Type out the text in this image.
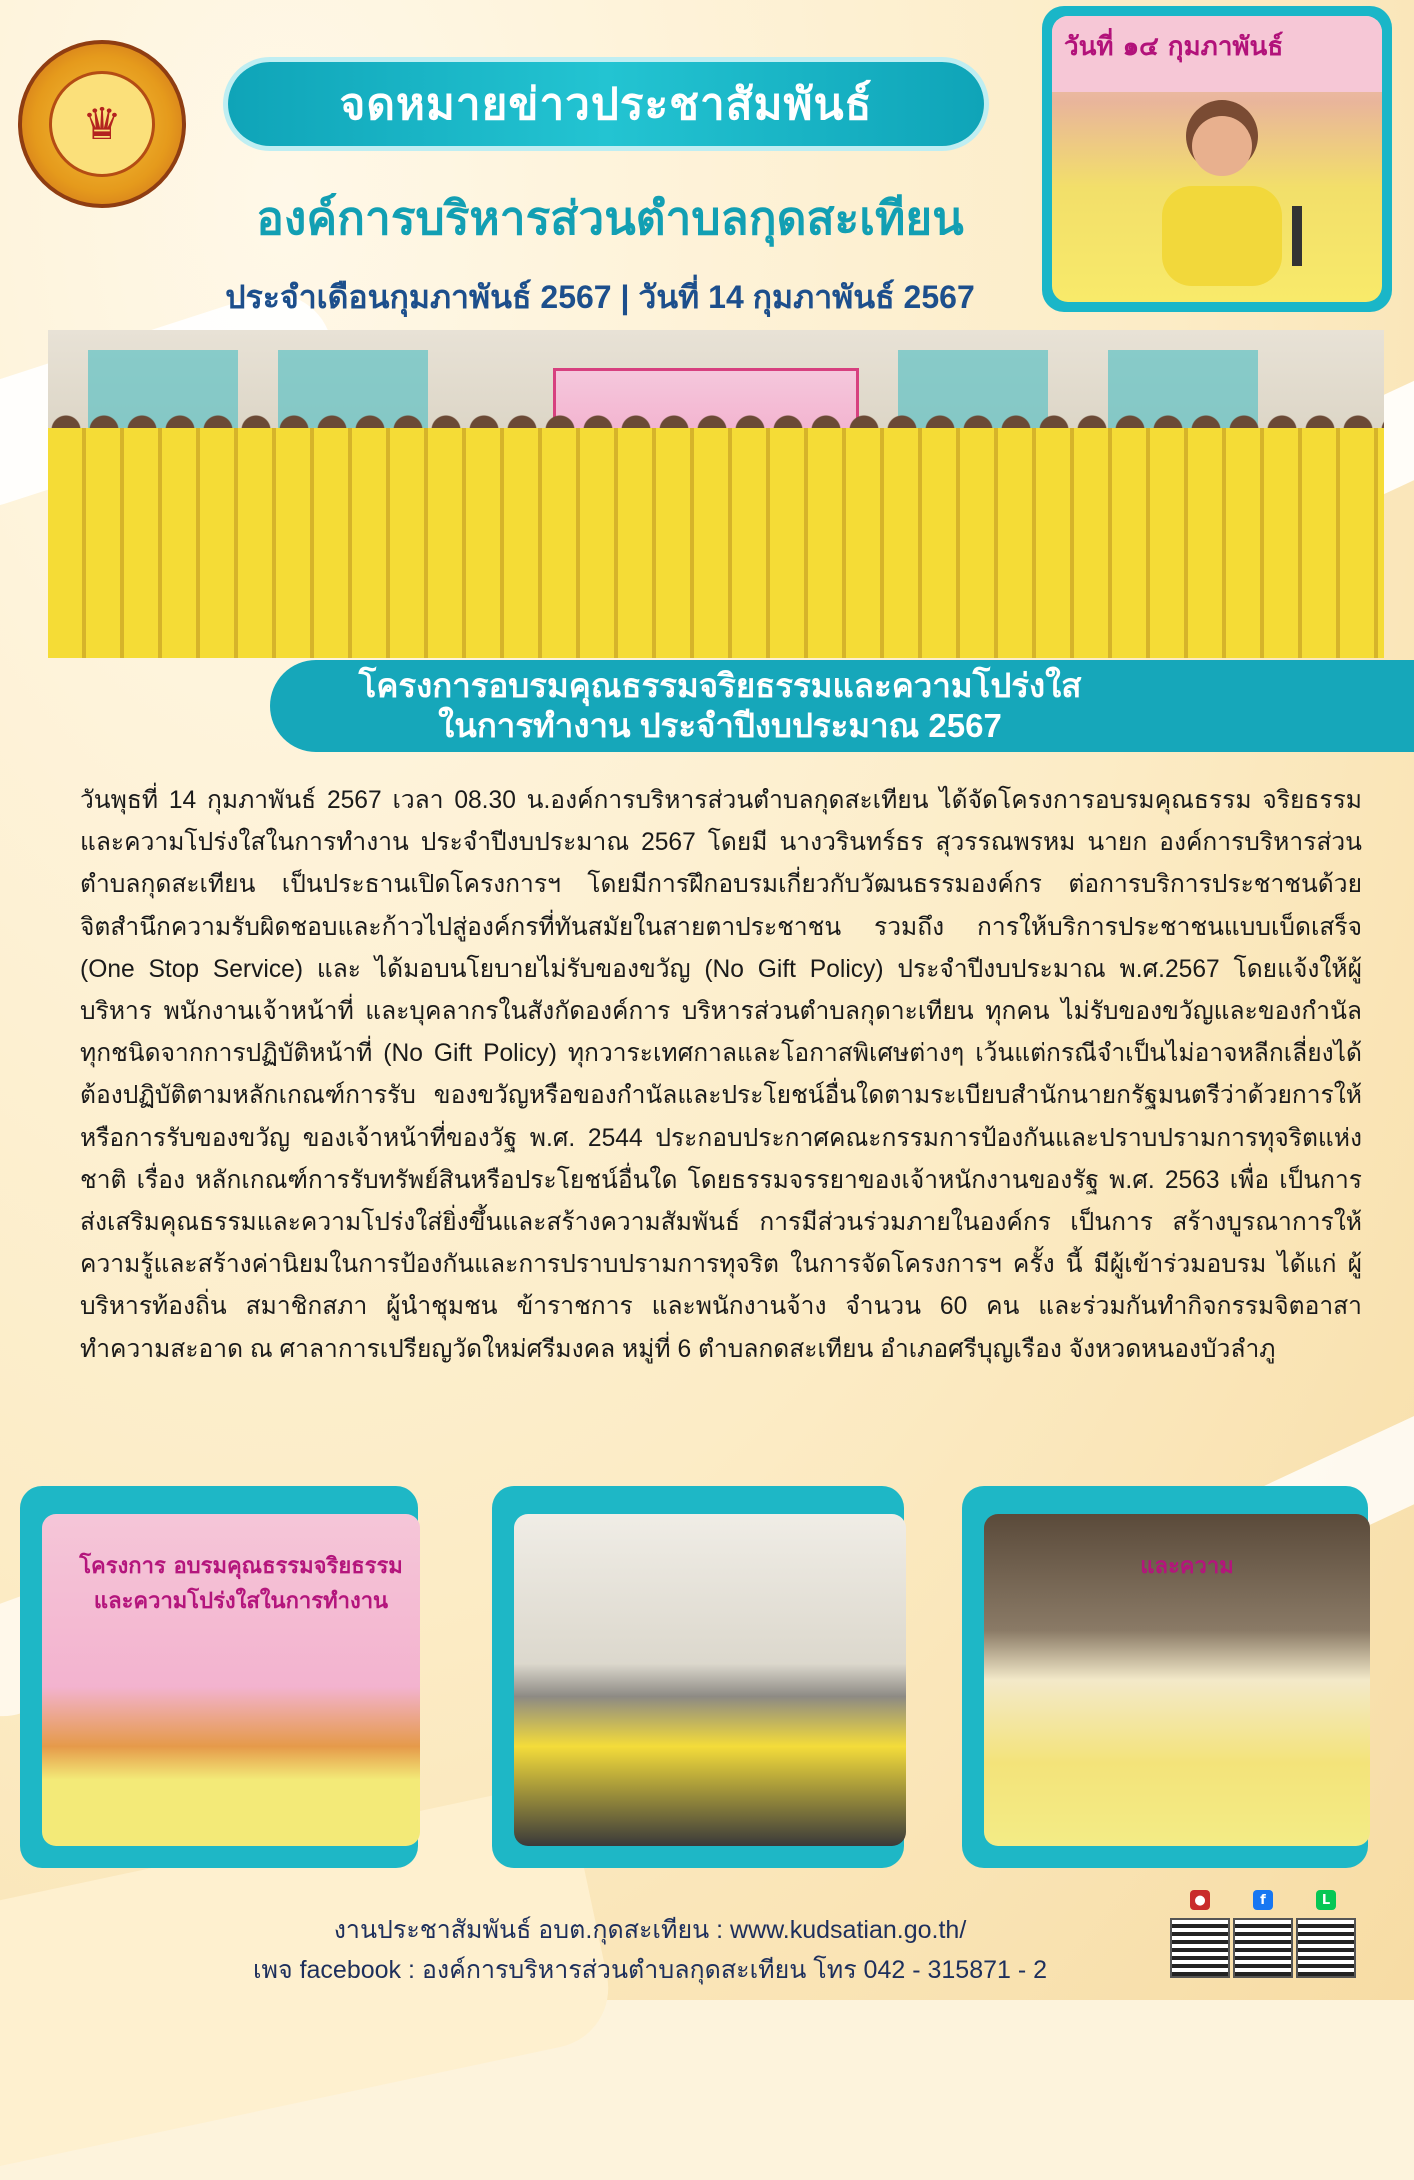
♛	จดหมายข่าวประชาสัมพันธ์
องค์การบริหารส่วนตำบลกุดสะเทียน
ประจำเดือนกุมภาพันธ์ 2567 | วันที่ 14 กุมภาพันธ์ 2567
วันที่ ๑๔ กุมภาพันธ์
โครงการอบรมคุณธรรมจริยธรรมและความโปร่งใส
ในการทำงาน ประจำปีงบประมาณ 2567
วันพุธที่ 14 กุมภาพันธ์ 2567 เวลา 08.30 น.องค์การบริหารส่วนตำบลกุดสะเทียน ได้จัดโครงการอบรมคุณธรรม จริยธรรมและความโปร่งใสในการทำงาน ประจำปีงบประมาณ 2567 โดยมี นางวรินทร์ธร สุวรรณพรหม นายก องค์การบริหารส่วนตำบลกุดสะเทียน เป็นประธานเปิดโครงการฯ โดยมีการฝึกอบรมเกี่ยวกับวัฒนธรรมองค์กร ต่อการบริการประชาชนด้วยจิตสำนึกความรับผิดชอบและก้าวไปสู่องค์กรที่ทันสมัยในสายตาประชาชน รวมถึง การให้บริการประชาชนแบบเบ็ดเสร็จ (One Stop Service) และ ได้มอบนโยบายไม่รับของขวัญ (No Gift Policy) ประจำปีงบประมาณ พ.ศ.2567 โดยแจ้งให้ผู้บริหาร พนักงานเจ้าหน้าที่ และบุคลากรในสังกัดองค์การ บริหารส่วนตำบลกุดาะเทียน ทุกคน ไม่รับของขวัญและของกำนัลทุกชนิดจากการปฏิบัติหน้าที่ (No Gift Policy) ทุกวาระเทศกาลและโอกาสพิเศษต่างๆ เว้นแต่กรณีจำเป็นไม่อาจหลีกเลี่ยงได้ ต้องปฏิบัติตามหลักเกณฑ์การรับ ของขวัญหรือของกำนัลและประโยชน์อื่นใดตามระเบียบสำนักนายกรัฐมนตรีว่าด้วยการให้หรือการรับของขวัญ ของเจ้าหน้าที่ของวัฐ พ.ศ. 2544 ประกอบประกาศคณะกรรมการป้องกันและปราบปรามการทุจริตแห่งชาติ เรื่อง หลักเกณฑ์การรับทรัพย์สินหรือประโยชน์อื่นใด โดยธรรมจรรยาของเจ้าหนักงานของรัฐ พ.ศ. 2563 เพื่อ เป็นการส่งเสริมคุณธรรมและความโปร่งใส่ยิ่งขึ้นและสร้างความสัมพันธ์ การมีส่วนร่วมภายในองค์กร เป็นการ สร้างบูรณาการให้ความรู้และสร้างค่านิยมในการป้องกันและการปราบปรามการทุจริต ในการจัดโครงการฯ ครั้ง นี้ มีผู้เข้าร่วมอบรม ได้แก่ ผู้บริหารท้องถิ่น สมาชิกสภา ผู้นำชุมชน ข้าราชการ และพนักงานจ้าง จำนวน 60 คน และร่วมกันทำกิจกรรมจิตอาสา ทำความสะอาด ณ ศาลาการเปรียญวัดใหม่ศรีมงคล หมู่ที่ 6 ตำบลกดสะเทียน อำเภอศรีบุญเรือง จังหวดหนองบัวลำภู
โครงการ อบรมคุณธรรมจริยธรรม และความโปร่งใสในการทำงาน
และความ
งานประชาสัมพันธ์ อบต.กุดสะเทียน : www.kudsatian.go.th/
เพจ facebook : องค์การบริหารส่วนตำบลกุดสะเทียน โทร 042 - 315871 - 2
●	f	L
